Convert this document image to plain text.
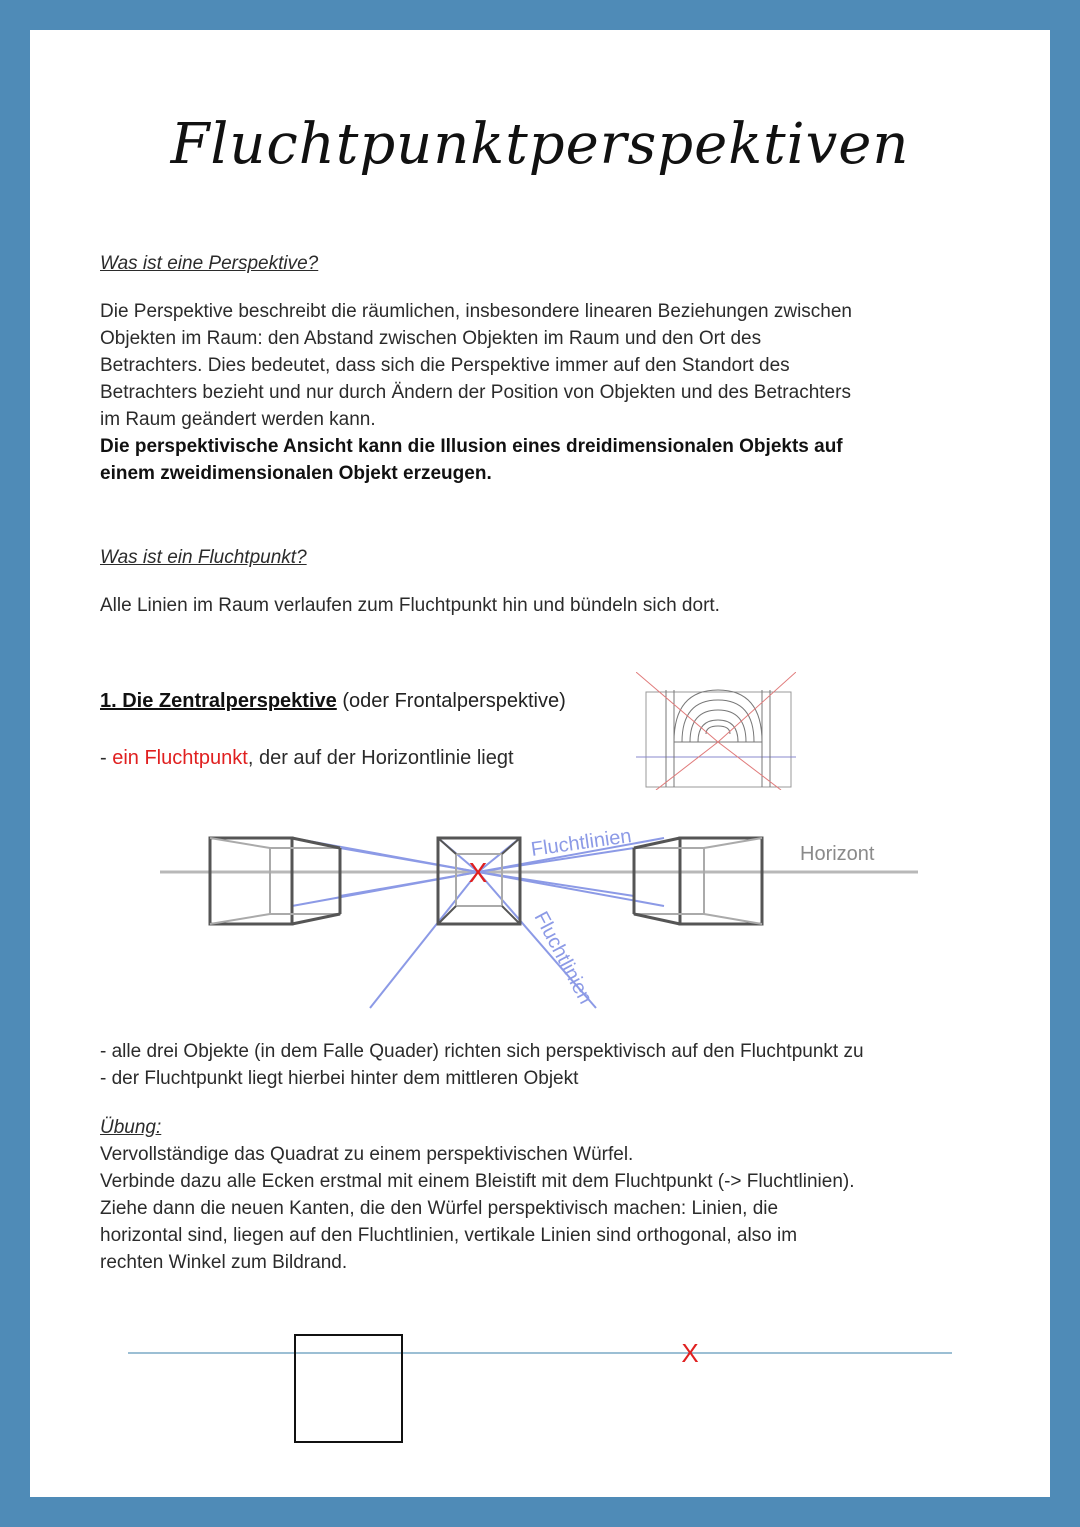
Fluchtpunktperspektiven
Was ist eine Perspektive?
Die Perspektive beschreibt die räumlichen, insbesondere linearen Beziehungen zwischen
Objekten im Raum: den Abstand zwischen Objekten im Raum und den Ort des
Betrachters. Dies bedeutet, dass sich die Perspektive immer auf den Standort des
Betrachters bezieht und nur durch Ändern der Position von Objekten und des Betrachters
im Raum geändert werden kann.
Die perspektivische Ansicht kann die Illusion eines dreidimensionalen Objekts auf
einem zweidimensionalen Objekt erzeugen.
Was ist ein Fluchtpunkt?
Alle Linien im Raum verlaufen zum Fluchtpunkt hin und bündeln sich dort.
1. Die Zentralperspektive (oder Frontalperspektive)
- ein Fluchtpunkt, der auf der Horizontlinie liegt
X
Fluchtlinien
Fluchtlinien
Horizont
- alle drei Objekte (in dem Falle Quader) richten sich perspektivisch auf den Fluchtpunkt zu
- der Fluchtpunkt liegt hierbei hinter dem mittleren Objekt
Übung:
Vervollständige das Quadrat zu einem perspektivischen Würfel.
Verbinde dazu alle Ecken erstmal mit einem Bleistift mit dem Fluchtpunkt (-> Fluchtlinien).
Ziehe dann die neuen Kanten, die den Würfel perspektivisch machen: Linien, die
horizontal sind, liegen auf den Fluchtlinien, vertikale Linien sind orthogonal, also im
rechten Winkel zum Bildrand.
X
